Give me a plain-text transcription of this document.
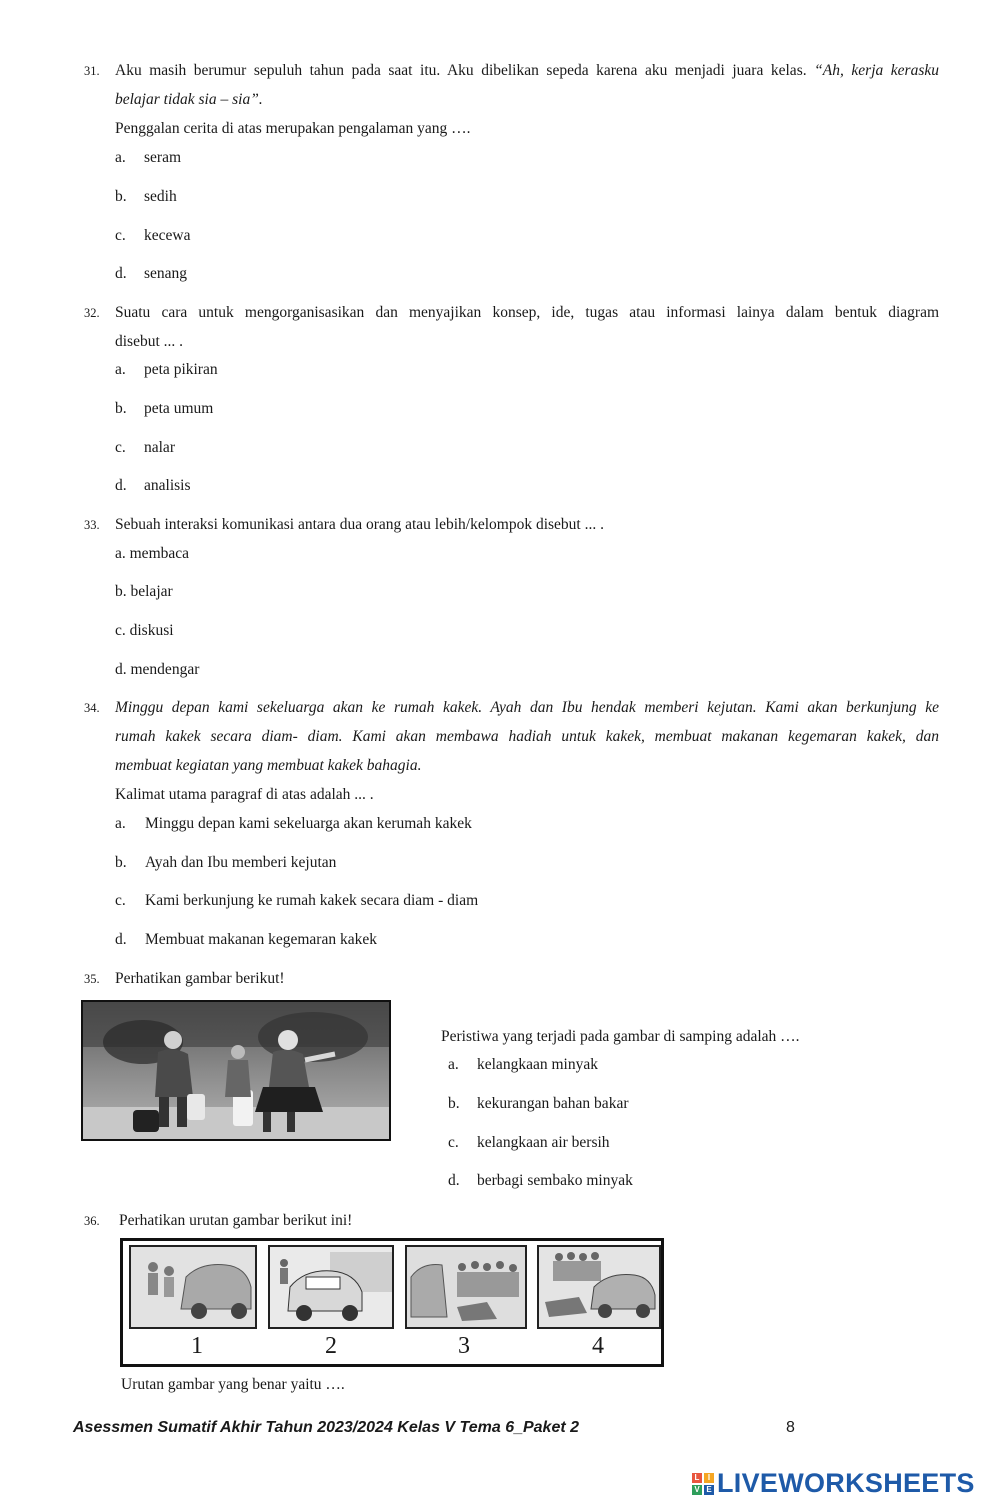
31. Aku masih berumur sepuluh tahun pada saat itu. Aku dibelikan sepeda karena aku menjadi juara kelas. “Ah, kerja kerasku
belajar tidak sia – sia”.
Penggalan cerita di atas merupakan pengalaman yang ….
a. seram
b. sedih
c. kecewa
d. senang
32. Suatu cara untuk mengorganisasikan dan menyajikan konsep, ide, tugas atau informasi lainya dalam bentuk diagram
disebut ... .
a. peta pikiran
b. peta umum
c. nalar
d. analisis
33. Sebuah interaksi komunikasi antara dua orang atau lebih/kelompok disebut ... .
a. membaca
b. belajar
c. diskusi
d. mendengar
34. Minggu depan kami sekeluarga akan ke rumah kakek. Ayah dan Ibu hendak memberi kejutan. Kami akan berkunjung ke
rumah kakek secara diam- diam. Kami akan membawa hadiah untuk kakek, membuat makanan kegemaran kakek, dan
membuat kegiatan yang membuat kakek bahagia.
Kalimat utama paragraf di atas adalah ... .
a. Minggu depan kami sekeluarga akan kerumah kakek
b. Ayah dan Ibu memberi kejutan
c. Kami berkunjung ke rumah kakek secara diam - diam
d. Membuat makanan kegemaran kakek
35. Perhatikan gambar berikut!
Peristiwa yang terjadi pada gambar di samping adalah ….
a. kelangkaan minyak
b. kekurangan bahan bakar
c. kelangkaan air bersih
d. berbagi sembako minyak
36. Perhatikan urutan gambar berikut ini!
1	2	3	4
Urutan gambar yang benar yaitu ….
Asessmen Sumatif Akhir Tahun 2023/2024 Kelas V Tema 6_Paket 2	8
L	I
V E LIVEWORKSHEETS
